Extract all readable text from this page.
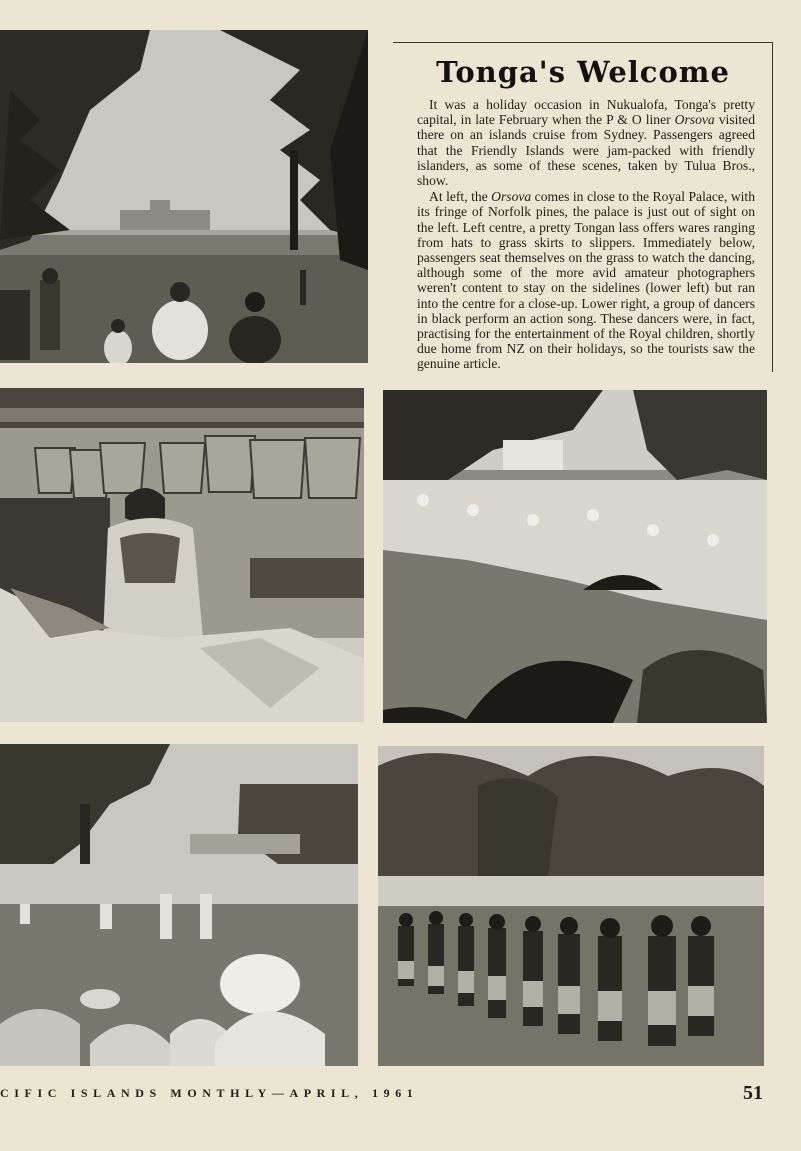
Tonga's Welcome

It was a holiday occasion in Nukualofa, Tonga's pretty capital, in late February when the P & O liner Orsova visited there on an islands cruise from Sydney. Passengers agreed that the Friendly Islands were jam-packed with friendly islanders, as some of these scenes, taken by Tulua Bros., show.

At left, the Orsova comes in close to the Royal Palace, with its fringe of Norfolk pines, the palace is just out of sight on the left. Left centre, a pretty Tongan lass offers wares ranging from hats to grass skirts to slippers. Immediately below, passengers seat themselves on the grass to watch the dancing, although some of the more avid amateur photographers weren't content to stay on the sidelines (lower left) but ran into the centre for a close-up. Lower right, a group of dancers in black perform an action song. These dancers were, in fact, practising for the entertainment of the Royal children, shortly due home from NZ on their holidays, so the tourists saw the genuine article.

CIFIC ISLANDS MONTHLY—APRIL, 1961	51
